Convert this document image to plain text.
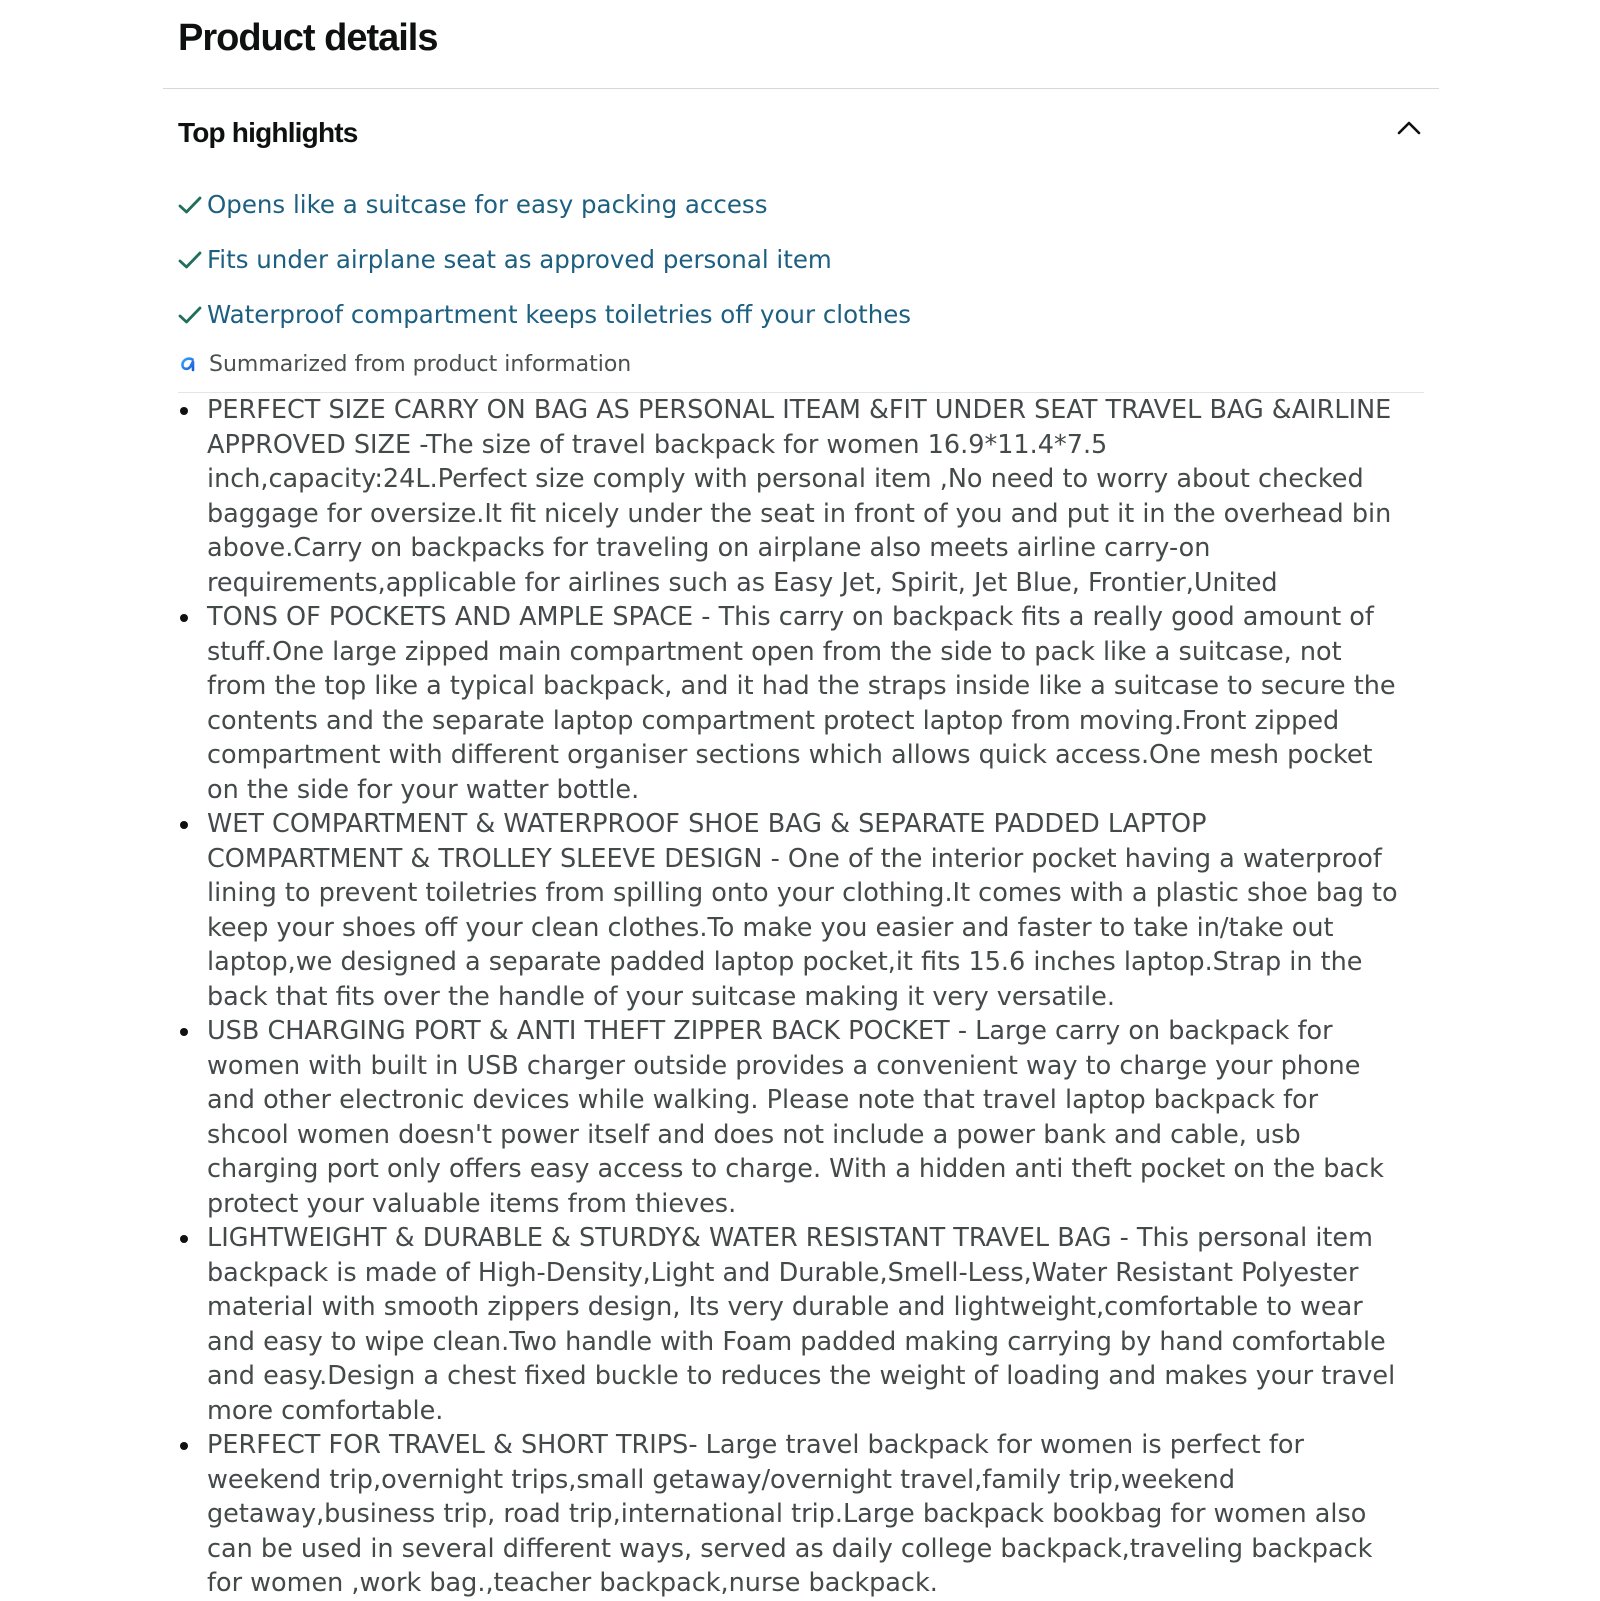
Product details
Top highlights
Opens like a suitcase for easy packing access
Fits under airplane seat as approved personal item
Waterproof compartment keeps toiletries off your clothes
Summarized from product information
PERFECT SIZE CARRY ON BAG AS PERSONAL ITEAM &FIT UNDER SEAT TRAVEL BAG &AIRLINE APPROVED SIZE -The size of travel backpack for women 16.9*11.4*7.5 inch,capacity:24L.Perfect size comply with personal item ,No need to worry about checked baggage for oversize.It fit nicely under the seat in front of you and put it in the overhead bin above.Carry on backpacks for traveling on airplane also meets airline carry-on requirements,applicable for airlines such as Easy Jet, Spirit, Jet Blue, Frontier,United
TONS OF POCKETS AND AMPLE SPACE - This carry on backpack fits a really good amount of stuff.One large zipped main compartment open from the side to pack like a suitcase, not from the top like a typical backpack, and it had the straps inside like a suitcase to secure the contents and the separate laptop compartment protect laptop from moving.Front zipped compartment with different organiser sections which allows quick access.One mesh pocket on the side for your watter bottle.
WET COMPARTMENT & WATERPROOF SHOE BAG & SEPARATE PADDED LAPTOP COMPARTMENT & TROLLEY SLEEVE DESIGN - One of the interior pocket having a waterproof lining to prevent toiletries from spilling onto your clothing.It comes with a plastic shoe bag to keep your shoes off your clean clothes.To make you easier and faster to take in/take out laptop,we designed a separate padded laptop pocket,it fits 15.6 inches laptop.Strap in the back that fits over the handle of your suitcase making it very versatile.
USB CHARGING PORT & ANTI THEFT ZIPPER BACK POCKET - Large carry on backpack for women with built in USB charger outside provides a convenient way to charge your phone and other electronic devices while walking. Please note that travel laptop backpack for shcool women doesn't power itself and does not include a power bank and cable, usb charging port only offers easy access to charge. With a hidden anti theft pocket on the back protect your valuable items from thieves.
LIGHTWEIGHT & DURABLE & STURDY& WATER RESISTANT TRAVEL BAG - This personal item backpack is made of High-Density,Light and Durable,Smell-Less,Water Resistant Polyester material with smooth zippers design, Its very durable and lightweight,comfortable to wear and easy to wipe clean.Two handle with Foam padded making carrying by hand comfortable and easy.Design a chest fixed buckle to reduces the weight of loading and makes your travel more comfortable.
PERFECT FOR TRAVEL & SHORT TRIPS- Large travel backpack for women is perfect for weekend trip,overnight trips,small getaway/overnight travel,family trip,weekend getaway,business trip, road trip,international trip.Large backpack bookbag for women also can be used in several different ways, served as daily college backpack,traveling backpack for women ,work bag.,teacher backpack,nurse backpack.
